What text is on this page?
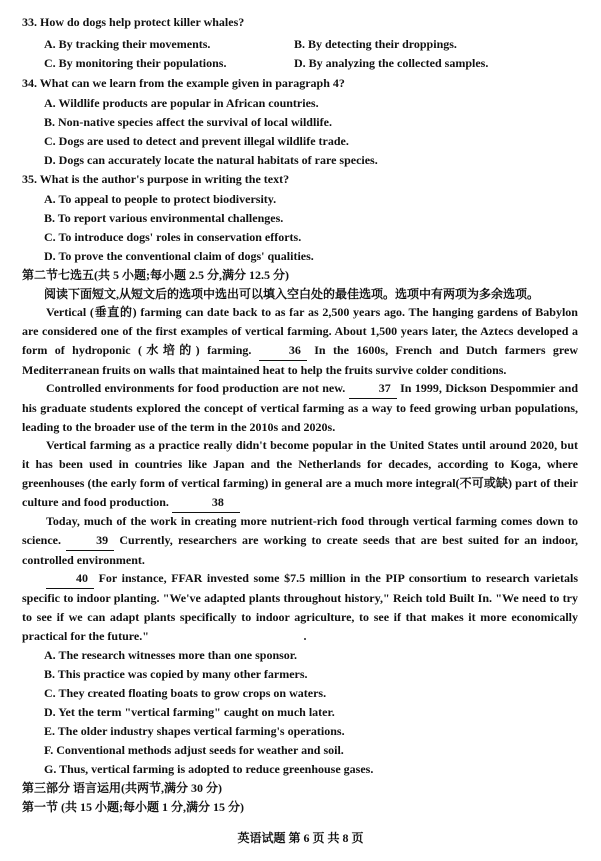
33. How do dogs help protect killer whales?
A. By tracking their movements.	B. By detecting their droppings.
C. By monitoring their populations.	D. By analyzing the collected samples.
34. What can we learn from the example given in paragraph 4?
A. Wildlife products are popular in African countries.
B. Non-native species affect the survival of local wildlife.
C. Dogs are used to detect and prevent illegal wildlife trade.
D. Dogs can accurately locate the natural habitats of rare species.
35. What is the author's purpose in writing the text?
A. To appeal to people to protect biodiversity.
B. To report various environmental challenges.
C. To introduce dogs' roles in conservation efforts.
D. To prove the conventional claim of dogs' qualities.
第二节七选五(共 5 小题;每小题 2.5 分,满分 12.5 分)
阅读下面短文,从短文后的选项中选出可以填入空白处的最佳选项。选项中有两项为多余选项。
Vertical (垂直的) farming can date back to as far as 2,500 years ago. The hanging gardens of Babylon are considered one of the first examples of vertical farming. About 1,500 years later, the Aztecs developed a form of hydroponic (水培的) farming.	36 In the 1600s, French and Dutch farmers grew Mediterranean fruits on walls that maintained heat to help the fruits survive colder conditions.
Controlled environments for food production are not new.	37 In 1999, Dickson Despommier and his graduate students explored the concept of vertical farming as a way to feed growing urban populations, leading to the broader use of the term in the 2010s and 2020s.
Vertical farming as a practice really didn't become popular in the United States until around 2020, but it has been used in countries like Japan and the Netherlands for decades, according to Koga, where greenhouses (the early form of vertical farming) in general are a much more integral(不可或缺) part of their culture and food production.	38
Today, much of the work in creating more nutrient-rich food through vertical farming comes down to science.	39 Currently, researchers are working to create seeds that are best suited for an indoor, controlled environment.
40 For instance, FFAR invested some $7.5 million in the PIP consortium to research varietals specific to indoor planting. "We've adapted plants throughout history," Reich told Built In. "We need to try to see if we can adapt plants specifically to indoor agriculture, to see if that makes it more economically practical for the future."
A. The research witnesses more than one sponsor.
B. This practice was copied by many other farmers.
C. They created floating boats to grow crops on waters.
D. Yet the term "vertical farming" caught on much later.
E. The older industry shapes vertical farming's operations.
F. Conventional methods adjust seeds for weather and soil.
G. Thus, vertical farming is adopted to reduce greenhouse gases.
第三部分 语言运用(共两节,满分 30 分)
第一节 (共 15 小题;每小题 1 分,满分 15 分)
英语试题 第 6 页 共 8 页
